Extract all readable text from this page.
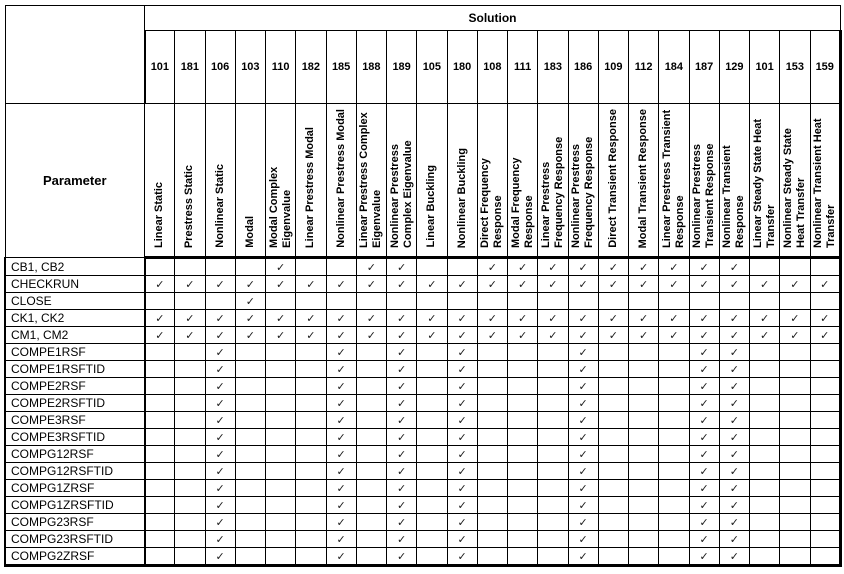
	Solution																						
	101	181	106	103	110	182	185	188	189	105	180	108	111	183	186	109	112	184	187	129	101	153	159
Parameter	Linear Static	Prestress Static	Nonlinear Static	Modal	Modal Complex Eigenvalue	Linear Prestress Modal	Nonlinear Prestress Modal	Linear Prestress Complex Eigenvalue	Nonlinear Prestress Complex Eigenvalue	Linear Buckling	Nonlinear Buckling	Direct Frequency Response	Modal Frequency Response	Linear Prestress Frequency Response	Nonlinear Prestress Frequency Response	Direct Transient Response	Modal Transient Response	Linear Prestress Transient Response	Nonlinear Prestress Transient Response	Nonlinear Transient Response	Linear Steady State Heat Transfer	Nonlinear Steady State Heat Transfer	Nonlinear Transient Heat Transfer
CB1, CB2					✓			✓	✓			✓	✓	✓	✓	✓	✓	✓	✓	✓			
CHECKRUN	✓	✓	✓	✓	✓	✓	✓	✓	✓	✓	✓	✓	✓	✓	✓	✓	✓	✓	✓	✓	✓	✓	✓
CLOSE				✓																			
CK1, CK2	✓	✓	✓	✓	✓	✓	✓	✓	✓	✓	✓	✓	✓	✓	✓	✓	✓	✓	✓	✓	✓	✓	✓
CM1, CM2	✓	✓	✓	✓	✓	✓	✓	✓	✓	✓	✓	✓	✓	✓	✓	✓	✓	✓	✓	✓	✓	✓	✓
COMPE1RSF			✓				✓		✓		✓				✓				✓	✓			
COMPE1RSFTID			✓				✓		✓		✓				✓				✓	✓			
COMPE2RSF			✓				✓		✓		✓				✓				✓	✓			
COMPE2RSFTID			✓				✓		✓		✓				✓				✓	✓			
COMPE3RSF			✓				✓		✓		✓				✓				✓	✓			
COMPE3RSFTID			✓				✓		✓		✓				✓				✓	✓			
COMPG12RSF			✓				✓		✓		✓				✓				✓	✓			
COMPG12RSFTID			✓				✓		✓		✓				✓				✓	✓			
COMPG1ZRSF			✓				✓		✓		✓				✓				✓	✓			
COMPG1ZRSFTID			✓				✓		✓		✓				✓				✓	✓			
COMPG23RSF			✓				✓		✓		✓				✓				✓	✓			
COMPG23RSFTID			✓				✓		✓		✓				✓				✓	✓			
COMPG2ZRSF			✓				✓		✓		✓				✓				✓	✓			
